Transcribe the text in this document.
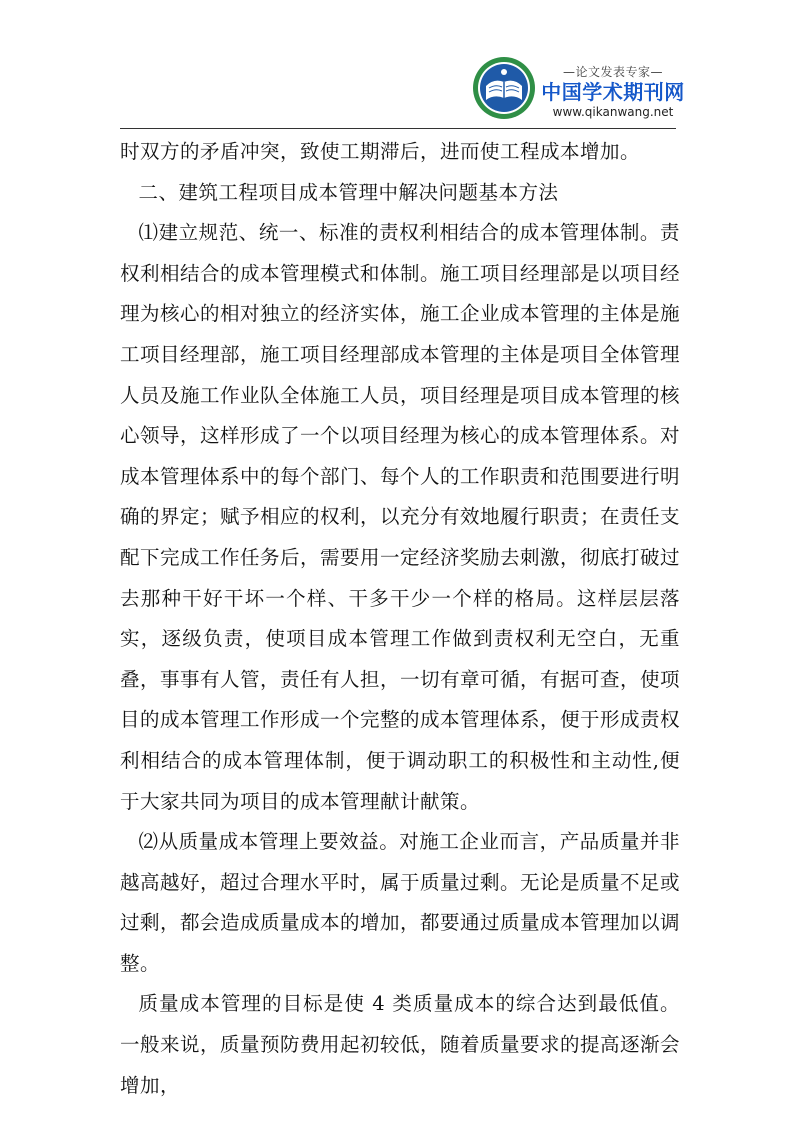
—论文发表专家—
中国学术期刊网
www.qikanwang.net

时双方的矛盾冲突，致使工期滞后，进而使工程成本增加。

二、建筑工程项目成本管理中解决问题基本方法

⑴建立规范、统一、标准的责权利相结合的成本管理体制。责权利相结合的成本管理模式和体制。施工项目经理部是以项目经理为核心的相对独立的经济实体，施工企业成本管理的主体是施工项目经理部，施工项目经理部成本管理的主体是项目全体管理人员及施工作业队全体施工人员，项目经理是项目成本管理的核心领导，这样形成了一个以项目经理为核心的成本管理体系。对成本管理体系中的每个部门、每个人的工作职责和范围要进行明确的界定；赋予相应的权利，以充分有效地履行职责；在责任支配下完成工作任务后，需要用一定经济奖励去刺激，彻底打破过去那种干好干坏一个样、干多干少一个样的格局。这样层层落实，逐级负责，使项目成本管理工作做到责权利无空白，无重叠，事事有人管，责任有人担，一切有章可循，有据可查，使项目的成本管理工作形成一个完整的成本管理体系，便于形成责权利相结合的成本管理体制，便于调动职工的积极性和主动性,便于大家共同为项目的成本管理献计献策。

⑵从质量成本管理上要效益。对施工企业而言，产品质量并非越高越好，超过合理水平时，属于质量过剩。无论是质量不足或过剩，都会造成质量成本的增加，都要通过质量成本管理加以调整。

质量成本管理的目标是使 4 类质量成本的综合达到最低值。一般来说，质量预防费用起初较低，随着质量要求的提高逐渐会增加，
